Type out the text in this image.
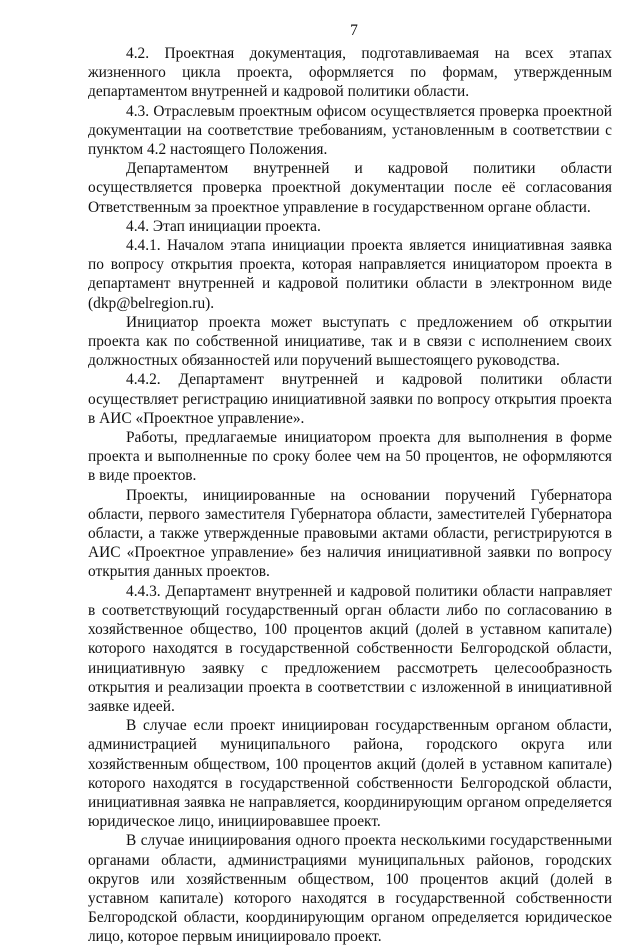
7

4.2. Проектная документация, подготавливаемая на всех этапах жизненного цикла проекта, оформляется по формам, утвержденным департаментом внутренней и кадровой политики области.

4.3. Отраслевым проектным офисом осуществляется проверка проектной документации на соответствие требованиям, установленным в соответствии с пунктом 4.2 настоящего Положения.

Департаментом внутренней и кадровой политики области осуществляется проверка проектной документации после её согласования Ответственным за проектное управление в государственном органе области.

4.4. Этап инициации проекта.

4.4.1. Началом этапа инициации проекта является инициативная заявка по вопросу открытия проекта, которая направляется инициатором проекта в департамент внутренней и кадровой политики области в электронном виде (dkp@belregion.ru).

Инициатор проекта может выступать с предложением об открытии проекта как по собственной инициативе, так и в связи с исполнением своих должностных обязанностей или поручений вышестоящего руководства.

4.4.2. Департамент внутренней и кадровой политики области осуществляет регистрацию инициативной заявки по вопросу открытия проекта в АИС «Проектное управление».

Работы, предлагаемые инициатором проекта для выполнения в форме проекта и выполненные по сроку более чем на 50 процентов, не оформляются в виде проектов.

Проекты, инициированные на основании поручений Губернатора области, первого заместителя Губернатора области, заместителей Губернатора области, а также утвержденные правовыми актами области, регистрируются в АИС «Проектное управление» без наличия инициативной заявки по вопросу открытия данных проектов.

4.4.3. Департамент внутренней и кадровой политики области направляет в соответствующий государственный орган области либо по согласованию в хозяйственное общество, 100 процентов акций (долей в уставном капитале) которого находятся в государственной собственности Белгородской области, инициативную заявку с предложением рассмотреть целесообразность открытия и реализации проекта в соответствии с изложенной в инициативной заявке идеей.

В случае если проект инициирован государственным органом области, администрацией муниципального района, городского округа или хозяйственным обществом, 100 процентов акций (долей в уставном капитале) которого находятся в государственной собственности Белгородской области, инициативная заявка не направляется, координирующим органом определяется юридическое лицо, инициировавшее проект.

В случае инициирования одного проекта несколькими государственными органами области, администрациями муниципальных районов, городских округов или хозяйственным обществом, 100 процентов акций (долей в уставном капитале) которого находятся в государственной собственности Белгородской области, координирующим органом определяется юридическое лицо, которое первым инициировало проект.
